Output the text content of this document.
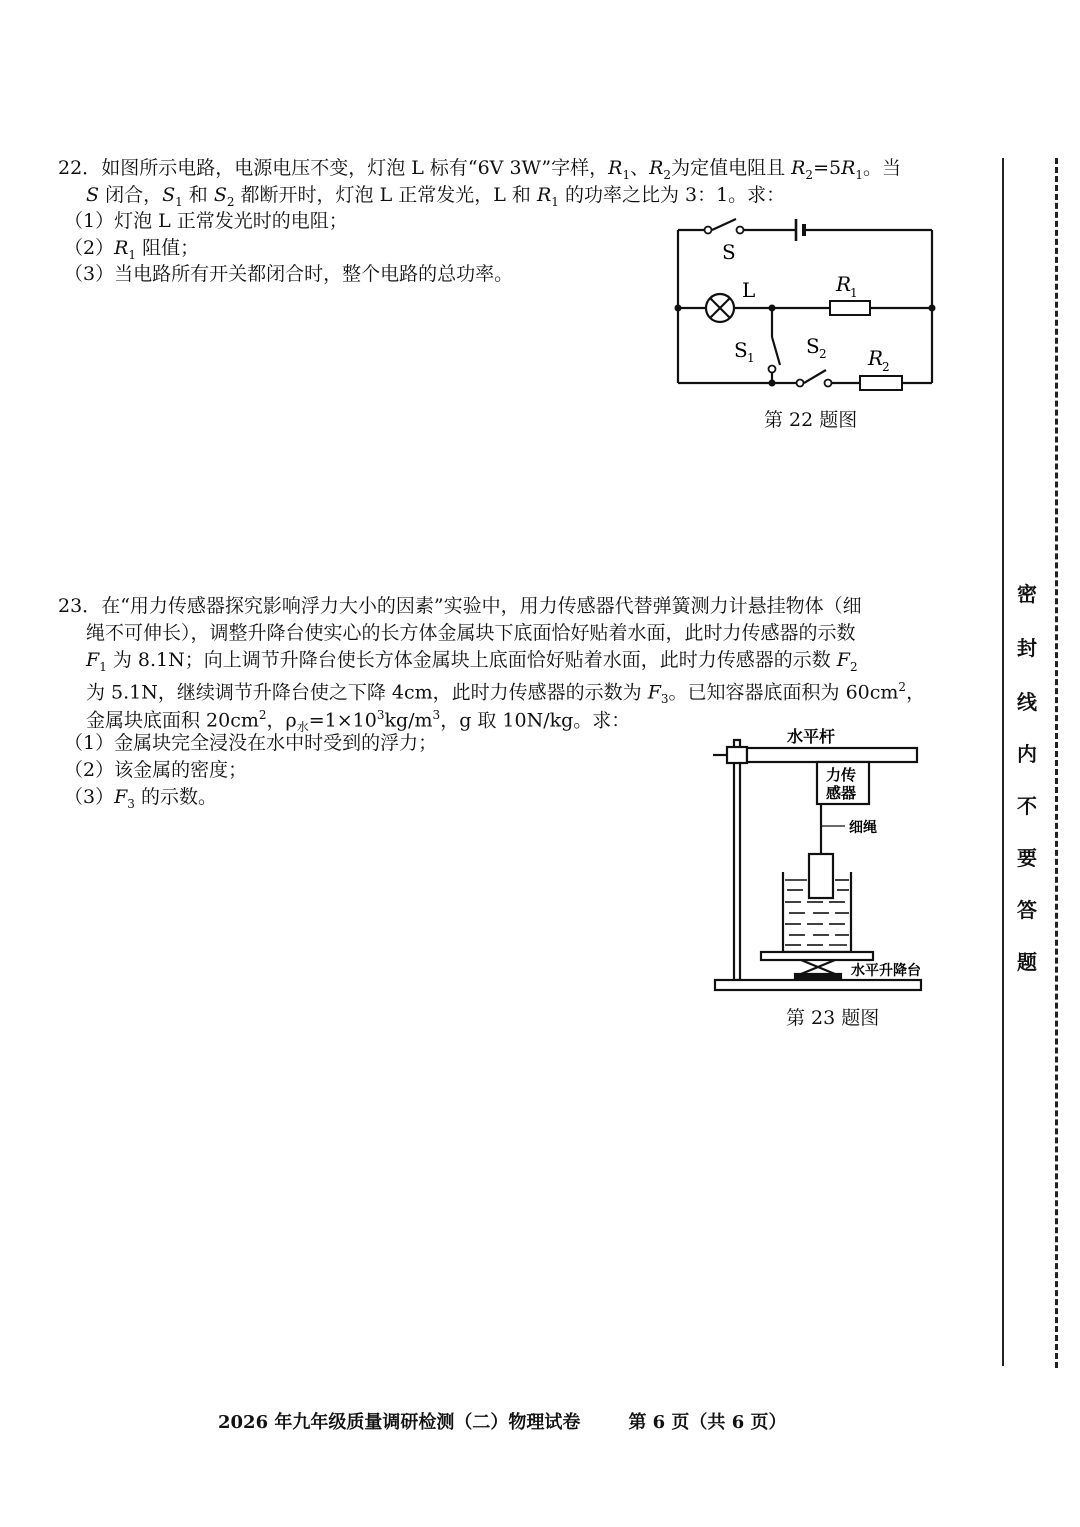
22．如图所示电路，电源电压不变，灯泡 L 标有“6V 3W”字样，$R_1$、$R_2$为定值电阻且 $R_2=5R_1$。当
S 闭合，$S_1$ 和 $S_2$ 都断开时，灯泡 L 正常发光，L 和 $R_1$ 的功率之比为 3：1。求：
（1）灯泡 L 正常发光时的电阻；
$(2)R_1$ 阻值；
（3）当电路所有开关都闭合时，整个电路的总功率。
S
L	R
1
S 1	S 2 R
2
第 22 题图
23．在“用力传感器探究影响浮力大小的因素”实验中，用力传感器代替弹簧测力计悬挂物体（细
绳不可伸长），调整升降台使实心的长方体金属块下底面恰好贴着水面，此时力传感器的示数
$F_1$ 为 8.1N；向上调节升降台使长方体金属块上底面恰好贴着水面，此时力传感器的示数 $F_2$
为 5.1N，继续调节升降台使之下降 4cm，此时力传感器的示数为 $F_3$。已知容器底面积为 $60cm^2$，
金属块底面积 $20cm^2$，$\rho_水=1\times 10^3kg/m^3$，g 取 10N/kg。求：
（1）金属块完全浸没在水中时受到的浮力；
（2）该金属的密度；
$(3)F_3$ 的示数。
水平杆
力传
感器
细绳
水平升降台
第 23 题图
密
封
线
内
不
要
答
题
2026 年九年级质量调研检测（二）物理试卷	第 6 页（共 6 页）
